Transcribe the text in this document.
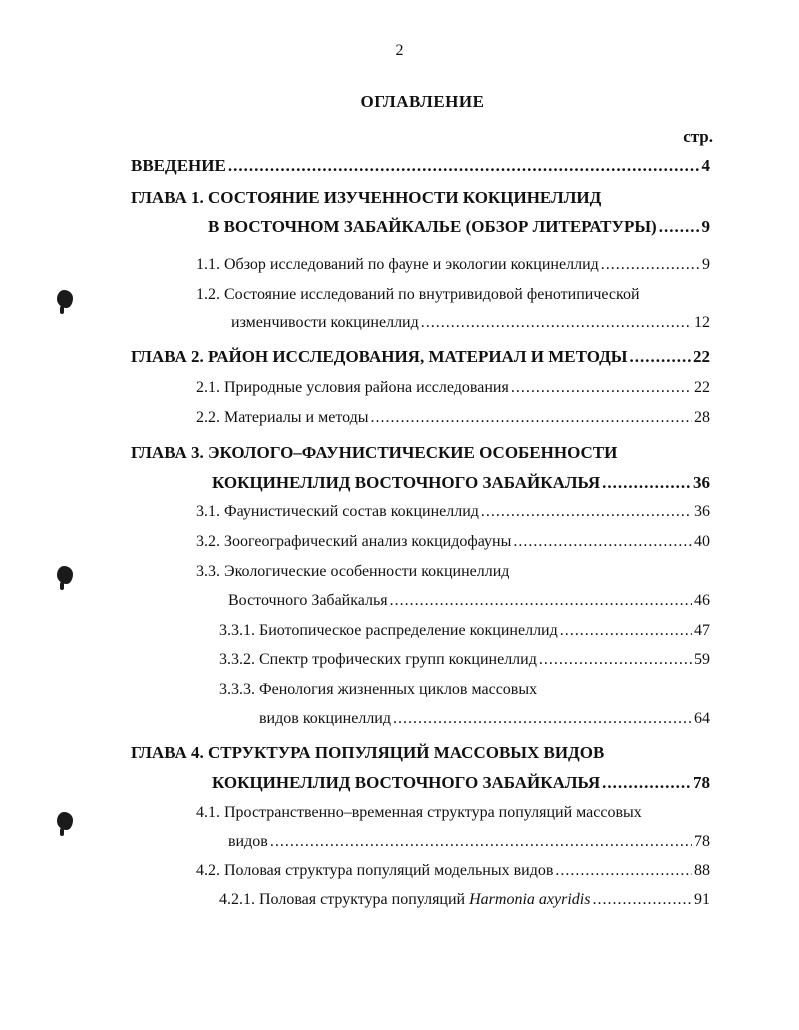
2
ОГЛАВЛЕНИЕ
стр.
ВВЕДЕНИЕ .....	4
ГЛАВА 1. СОСТОЯНИЕ ИЗУЧЕННОСТИ КОКЦИНЕЛЛИД
В ВОСТОЧНОМ ЗАБАЙКАЛЬЕ (ОБЗОР ЛИТЕРАТУРЫ) .....	9
1.1. Обзор исследований по фауне и экологии кокцинеллид .....	9
1.2. Состояние исследований по внутривидовой фенотипической
изменчивости кокцинеллид .....	12
ГЛАВА 2. РАЙОН ИССЛЕДОВАНИЯ, МАТЕРИАЛ И МЕТОДЫ .....	22
2.1. Природные условия района исследования .....	22
2.2. Материалы и методы .....	28
ГЛАВА 3. ЭКОЛОГО–ФАУНИСТИЧЕСКИЕ ОСОБЕННОСТИ
КОКЦИНЕЛЛИД ВОСТОЧНОГО ЗАБАЙКАЛЬЯ .....	36
3.1. Фаунистический состав кокцинеллид .....	36
3.2. Зоогеографический анализ кокцидофауны .....	40
3.3. Экологические особенности кокцинеллид
Восточного Забайкалья .....	46
3.3.1. Биотопическое распределение кокцинеллид .....	47
3.3.2. Спектр трофических групп кокцинеллид .....	59
3.3.3. Фенология жизненных циклов массовых
видов кокцинеллид .....	64
ГЛАВА 4. СТРУКТУРА ПОПУЛЯЦИЙ МАССОВЫХ ВИДОВ
КОКЦИНЕЛЛИД ВОСТОЧНОГО ЗАБАЙКАЛЬЯ .....	78
4.1. Пространственно–временная структура популяций массовых
видов .....	78
4.2. Половая структура популяций модельных видов .....	88
4.2.1. Половая структура популяций Harmonia axyridis .....	91
